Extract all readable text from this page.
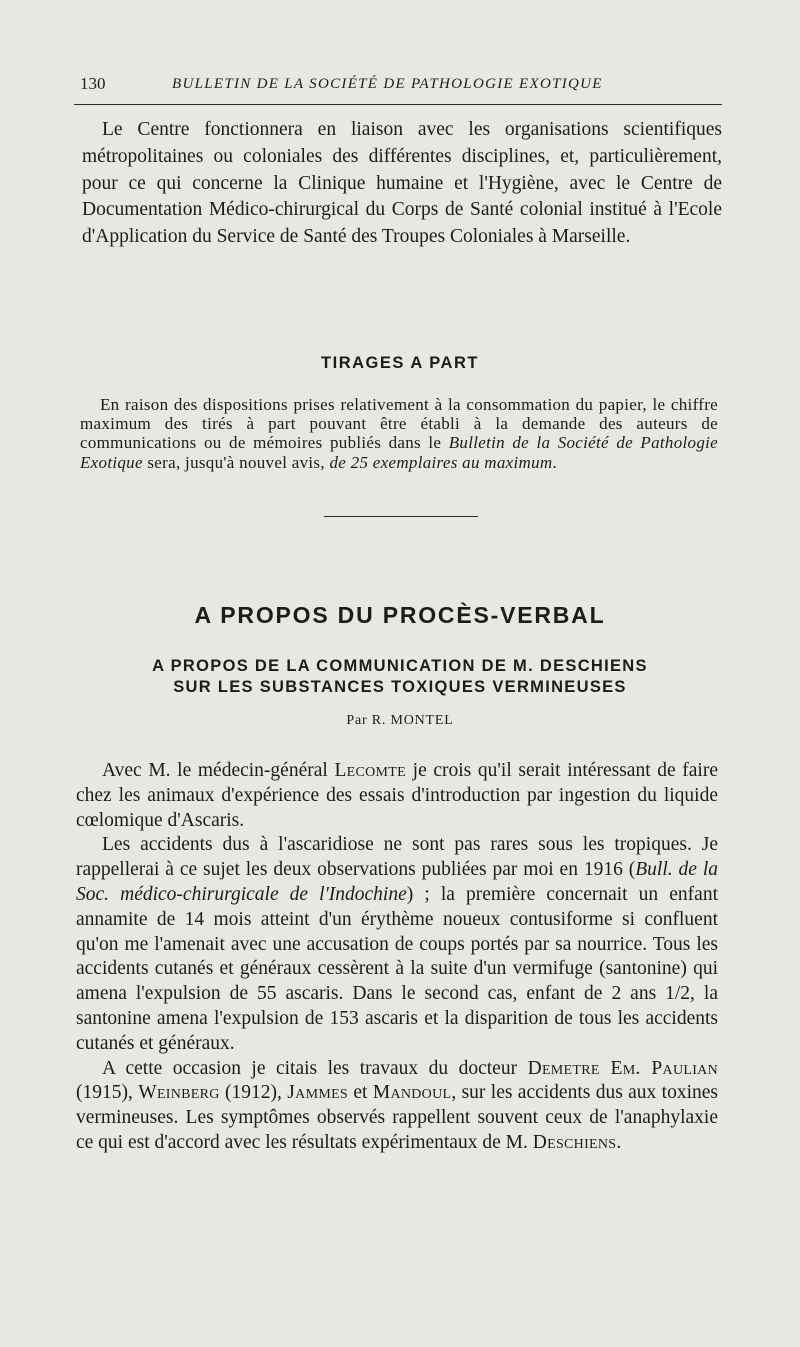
130	BULLETIN DE LA SOCIÉTÉ DE PATHOLOGIE EXOTIQUE

Le Centre fonctionnera en liaison avec les organisations scientifiques métropolitaines ou coloniales des différentes disciplines, et, particulièrement, pour ce qui concerne la Clinique humaine et l'Hygiène, avec le Centre de Documentation Médico-chirurgical du Corps de Santé colonial institué à l'Ecole d'Application du Service de Santé des Troupes Coloniales à Marseille.

TIRAGES A PART

En raison des dispositions prises relativement à la consommation du papier, le chiffre maximum des tirés à part pouvant être établi à la demande des auteurs de communications ou de mémoires publiés dans le Bulletin de la Société de Pathologie Exotique sera, jusqu'à nouvel avis, de 25 exemplaires au maximum.

A PROPOS DU PROCÈS-VERBAL
A PROPOS DE LA COMMUNICATION DE M. DESCHIENS
SUR LES SUBSTANCES TOXIQUES VERMINEUSES
Par R. MONTEL

Avec M. le médecin-général Lecomte je crois qu'il serait intéressant de faire chez les animaux d'expérience des essais d'introduction par ingestion du liquide cœlomique d'Ascaris.

Les accidents dus à l'ascaridiose ne sont pas rares sous les tropiques. Je rappellerai à ce sujet les deux observations publiées par moi en 1916 (Bull. de la Soc. médico-chirurgicale de l'Indochine) ; la première concernait un enfant annamite de 14 mois atteint d'un érythème noueux contusiforme si confluent qu'on me l'amenait avec une accusation de coups portés par sa nourrice. Tous les accidents cutanés et généraux cessèrent à la suite d'un vermifuge (santonine) qui amena l'expulsion de 55 ascaris. Dans le second cas, enfant de 2 ans 1/2, la santonine amena l'expulsion de 153 ascaris et la disparition de tous les accidents cutanés et généraux.

A cette occasion je citais les travaux du docteur Demetre Em. Paulian (1915), Weinberg (1912), Jammes et Mandoul, sur les accidents dus aux toxines vermineuses. Les symptômes observés rappellent souvent ceux de l'anaphylaxie ce qui est d'accord avec les résultats expérimentaux de M. Deschiens.
